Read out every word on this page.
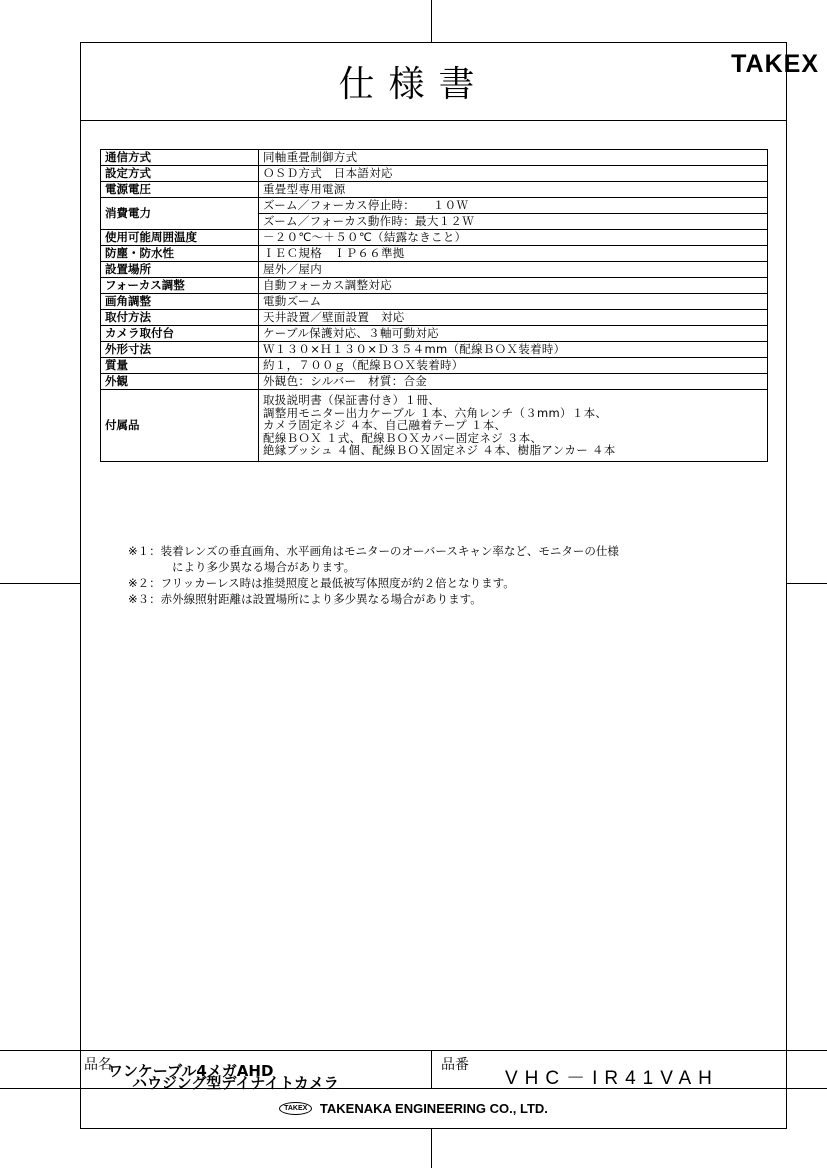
仕様書	TAKEX
通信方式	同軸重畳制御方式
設定方式	ＯＳＤ方式　日本語対応
電源電圧	重畳型専用電源
消費電力	ズーム／フォーカス停止時：　　１０Ｗ
	ズーム／フォーカス動作時：最大１２Ｗ
使用可能周囲温度	－２０℃～＋５０℃（結露なきこと）
防塵・防水性	ＩＥＣ規格　ＩＰ６６準拠
設置場所	屋外／屋内
フォーカス調整	自動フォーカス調整対応
画角調整	電動ズーム
取付方法	天井設置／壁面設置　対応
カメラ取付台	ケーブル保護対応、３軸可動対応
外形寸法	Ｗ１３０×Ｈ１３０×Ｄ３５４mm（配線ＢＯＸ装着時）
質量	約１，７００ｇ（配線ＢＯＸ装着時）
外観	外観色：シルバー　材質：合金
付属品	取扱説明書（保証書付き）１冊、
調整用モニター出力ケーブル １本、六角レンチ（３mm）１本、
カメラ固定ネジ ４本、自己融着テープ １本、
配線ＢＯＸ １式、配線ＢＯＸカバー固定ネジ ３本、
絶縁ブッシュ ４個、配線ＢＯＸ固定ネジ ４本、樹脂アンカー ４本
※１：装着レンズの垂直画角、水平画角はモニターのオーバースキャン率など、モニターの仕様
により多少異なる場合があります。
※２：フリッカーレス時は推奨照度と最低被写体照度が約２倍となります。
※３：赤外線照射距離は設置場所により多少異なる場合があります。
品名
ワンケーブル4メガAHD
ハウジング型デイナイトカメラ
品番
VHC－IR41VAH
TAKEX TAKENAKA ENGINEERING CO., LTD.
